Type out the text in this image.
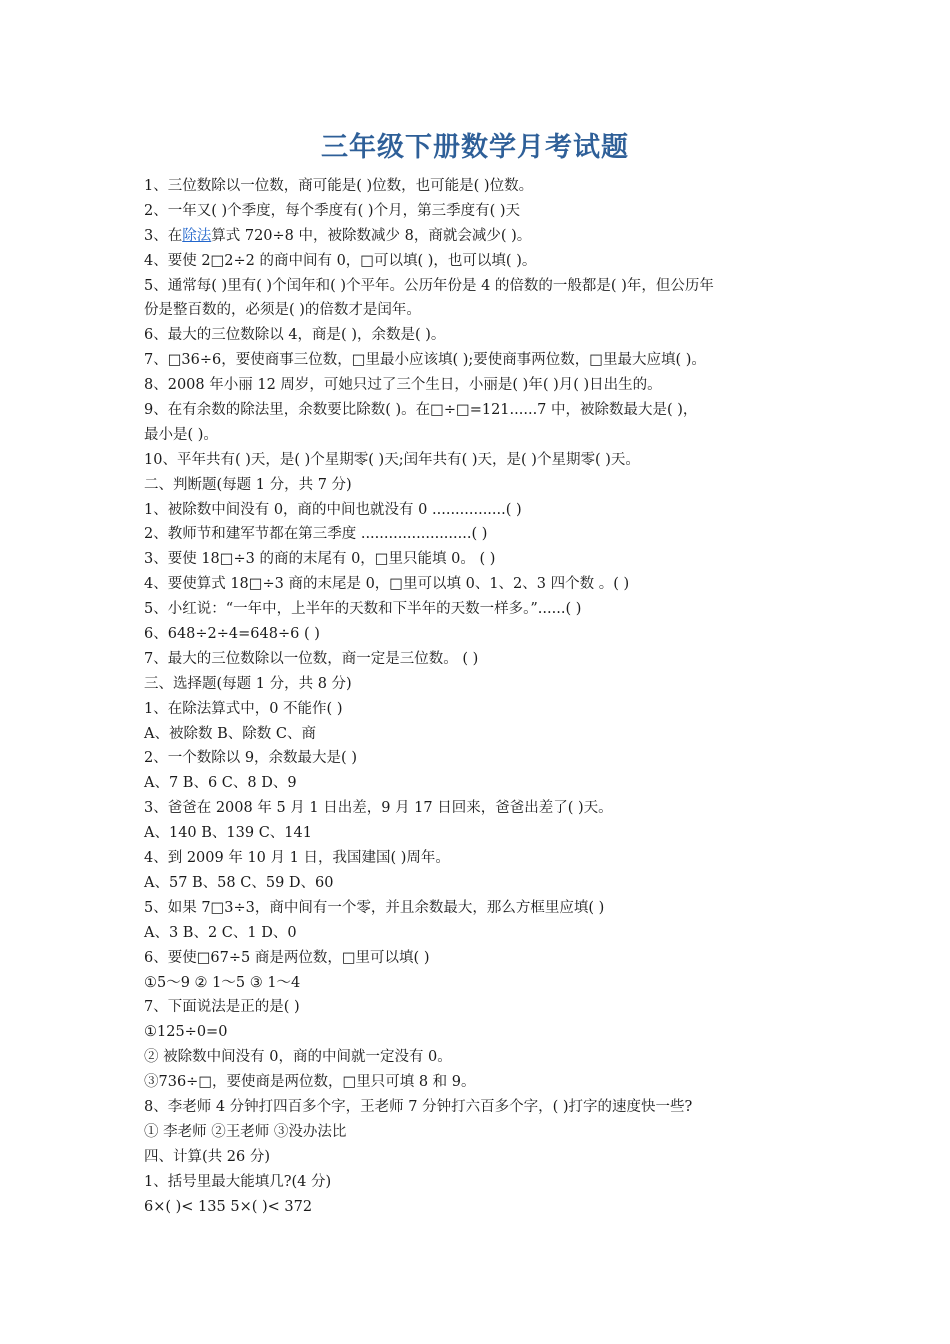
三年级下册数学月考试题
1、三位数除以一位数，商可能是( )位数，也可能是( )位数。
2、一年又( )个季度，每个季度有( )个月，第三季度有( )天
3、在除法算式 720÷8 中，被除数减少 8，商就会减少( )。
4、要使 2□2÷2 的商中间有 0，□可以填( )，也可以填( )。
5、通常每( )里有( )个闰年和( )个平年。公历年份是 4 的倍数的一般都是( )年，但公历年
份是整百数的，必须是( )的倍数才是闰年。
6、最大的三位数除以 4，商是( )，余数是( )。
7、□36÷6，要使商事三位数，□里最小应该填( );要使商事两位数，□里最大应填( )。
8、2008 年小丽 12 周岁，可她只过了三个生日，小丽是( )年( )月( )日出生的。
9、在有余数的除法里，余数要比除数( )。在□÷□=121......7 中，被除数最大是( )，
最小是( )。
10、平年共有( )天，是( )个星期零( )天;闰年共有( )天，是( )个星期零( )天。
二、判断题(每题 1 分，共 7 分)
1、被除数中间没有 0，商的中间也就没有 0 ................( )
2、教师节和建军节都在第三季度 ........................( )
3、要使 18□÷3 的商的末尾有 0，□里只能填 0。 ( )
4、要使算式 18□÷3 商的末尾是 0，□里可以填 0、1、2、3 四个数 。( )
5、小红说：“一年中，上半年的天数和下半年的天数一样多。”......( )
6、648÷2÷4=648÷6 ( )
7、最大的三位数除以一位数，商一定是三位数。 ( )
三、选择题(每题 1 分，共 8 分)
1、在除法算式中，0 不能作( )
A、被除数 B、除数 C、商
2、一个数除以 9，余数最大是( )
A、7 B、6 C、8 D、9
3、爸爸在 2008 年 5 月 1 日出差，9 月 17 日回来，爸爸出差了( )天。
A、140 B、139 C、141
4、到 2009 年 10 月 1 日，我国建国( )周年。
A、57 B、58 C、59 D、60
5、如果 7□3÷3，商中间有一个零，并且余数最大，那么方框里应填( )
A、3 B、2 C、1 D、0
6、要使□67÷5 商是两位数，□里可以填( )
①5～9 ② 1～5 ③ 1～4
7、下面说法是正的是( )
①125÷0=0
② 被除数中间没有 0，商的中间就一定没有 0。
③736÷□，要使商是两位数，□里只可填 8 和 9。
8、李老师 4 分钟打四百多个字，王老师 7 分钟打六百多个字，( )打字的速度快一些?
① 李老师 ②王老师 ③没办法比
四、计算(共 26 分)
1、括号里最大能填几?(4 分)
6×( )< 135 5×( )< 372
